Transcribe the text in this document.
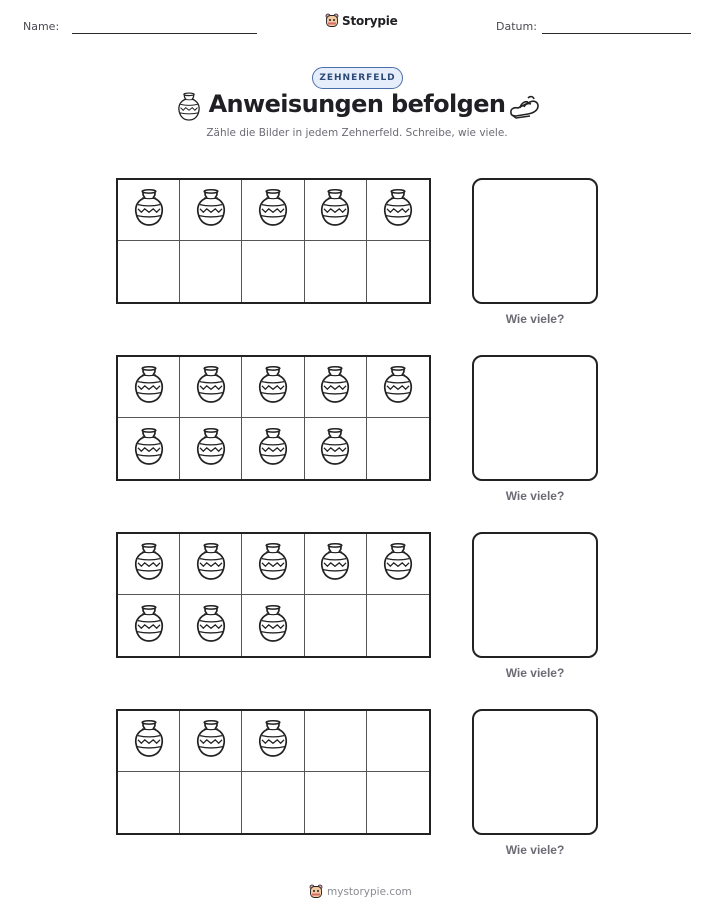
Name:	Storypie	Datum:
ZEHNERFELD
Anweisungen befolgen
Zähle die Bilder in jedem Zehnerfeld. Schreibe, wie viele.
Wie viele?
Wie viele?
Wie viele?
Wie viele?
mystorypie.com
